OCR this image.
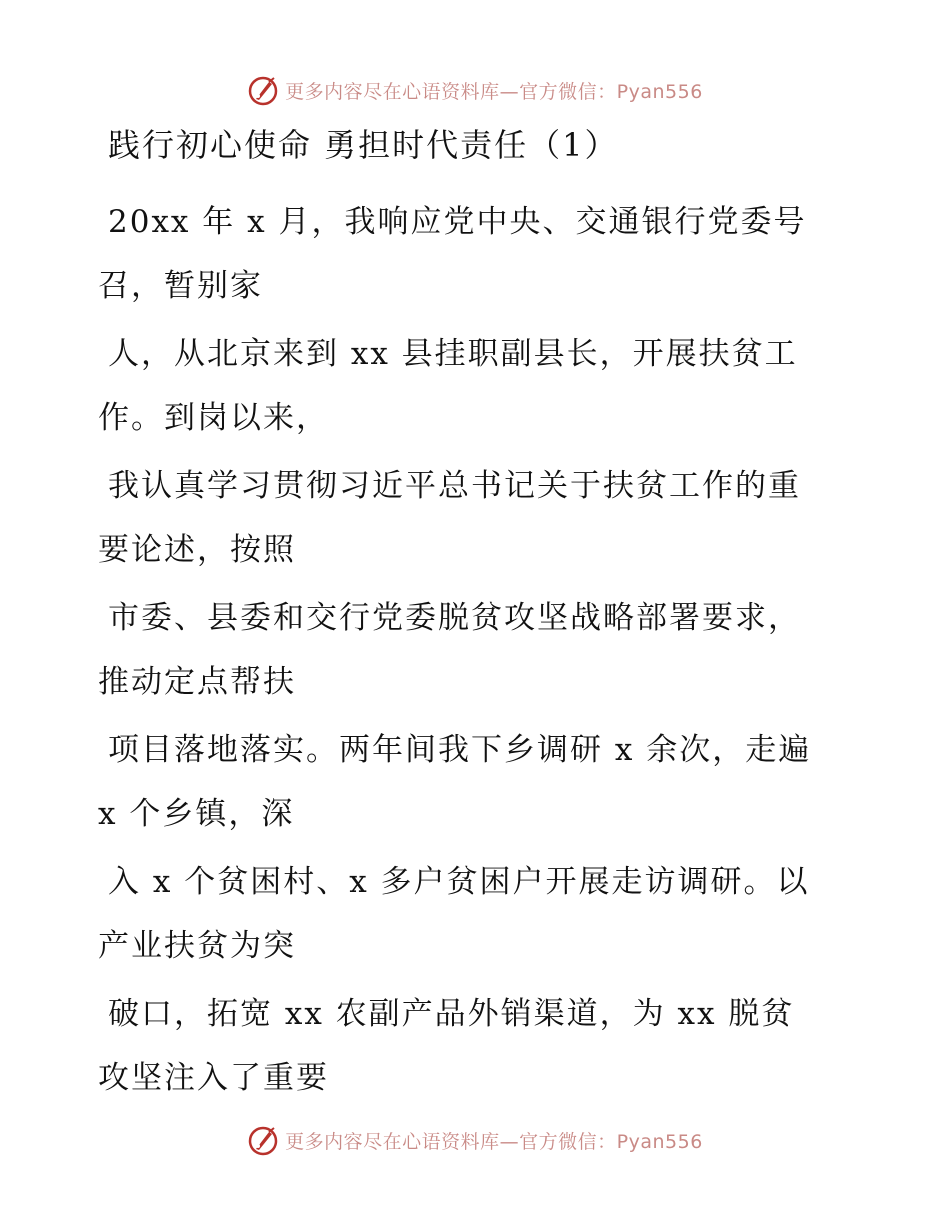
更多内容尽在心语资料库—官方微信：Pyan556
践行初心使命 勇担时代责任（1）
20xx 年 x 月，我响应党中央、交通银行党委号
召，暂别家
人，从北京来到 xx 县挂职副县长，开展扶贫工
作。到岗以来，
我认真学习贯彻习近平总书记关于扶贫工作的重
要论述，按照
市委、县委和交行党委脱贫攻坚战略部署要求，
推动定点帮扶
项目落地落实。两年间我下乡调研 x 余次，走遍
x 个乡镇，深
入 x 个贫困村、x 多户贫困户开展走访调研。以
产业扶贫为突
破口，拓宽 xx 农副产品外销渠道，为 xx 脱贫
攻坚注入了重要
更多内容尽在心语资料库—官方微信：Pyan556
